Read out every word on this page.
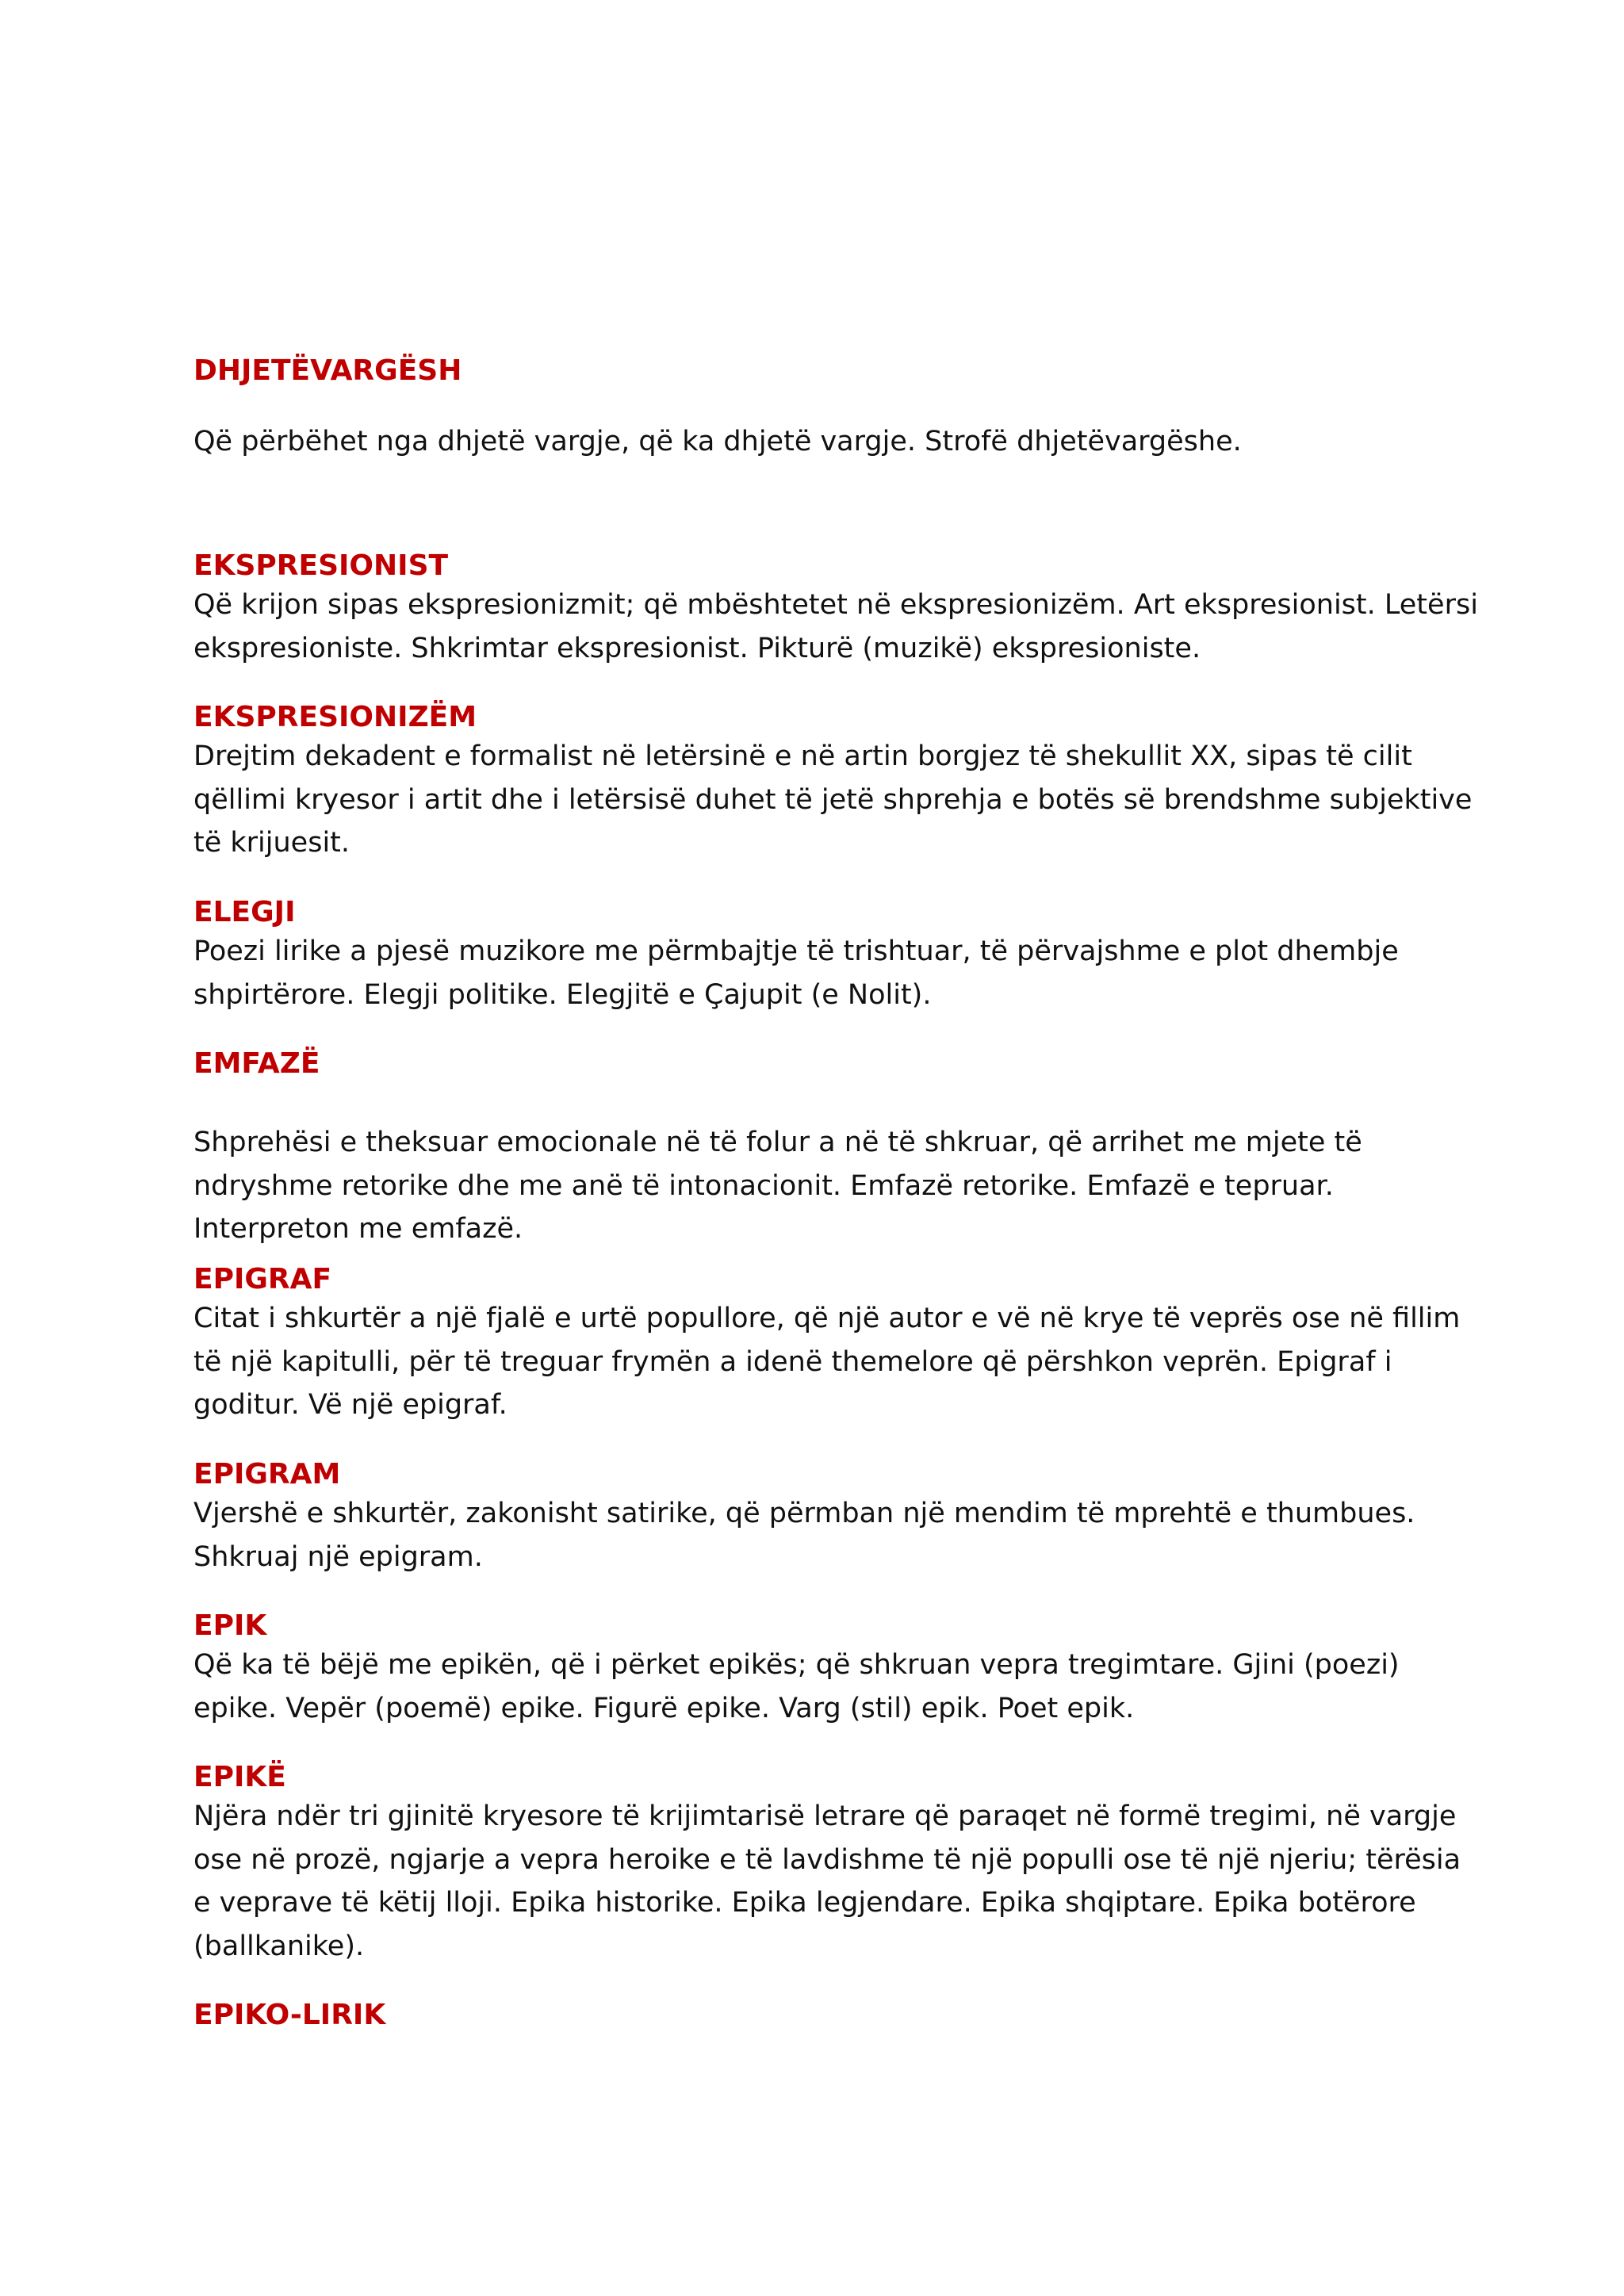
DHJETËVARGËSH
Që përbëhet nga dhjetë vargje, që ka dhjetë vargje. Strofë dhjetëvargëshe.
EKSPRESIONIST
Që krijon sipas ekspresionizmit; që mbështetet në ekspresionizëm. Art ekspresionist. Letërsi
ekspresioniste. Shkrimtar ekspresionist. Pikturë (muzikë) ekspresioniste.
EKSPRESIONIZËM
Drejtim dekadent e formalist në letërsinë e në artin borgjez të shekullit XX, sipas të cilit
qëllimi kryesor i artit dhe i letërsisë duhet të jetë shprehja e botës së brendshme subjektive
të krijuesit.
ELEGJI
Poezi lirike a pjesë muzikore me përmbajtje të trishtuar, të përvajshme e plot dhembje
shpirtërore. Elegji politike. Elegjitë e Çajupit (e Nolit).
EMFAZË
Shprehësi e theksuar emocionale në të folur a në të shkruar, që arrihet me mjete të
ndryshme retorike dhe me anë të intonacionit. Emfazë retorike. Emfazë e tepruar.
Interpreton me emfazë.
EPIGRAF
Citat i shkurtër a një fjalë e urtë popullore, që një autor e vë në krye të veprës ose në fillim
të një kapitulli, për të treguar frymën a idenë themelore që përshkon veprën. Epigraf i
goditur. Vë një epigraf.
EPIGRAM
Vjershë e shkurtër, zakonisht satirike, që përmban një mendim të mprehtë e thumbues.
Shkruaj një epigram.
EPIK
Që ka të bëjë me epikën, që i përket epikës; që shkruan vepra tregimtare. Gjini (poezi)
epike. Vepër (poemë) epike. Figurë epike. Varg (stil) epik. Poet epik.
EPIKË
Njëra ndër tri gjinitë kryesore të krijimtarisë letrare që paraqet në formë tregimi, në vargje
ose në prozë, ngjarje a vepra heroike e të lavdishme të një populli ose të një njeriu; tërësia
e veprave të këtij lloji. Epika historike. Epika legjendare. Epika shqiptare. Epika botërore
(ballkanike).
EPIKO-LIRIK
